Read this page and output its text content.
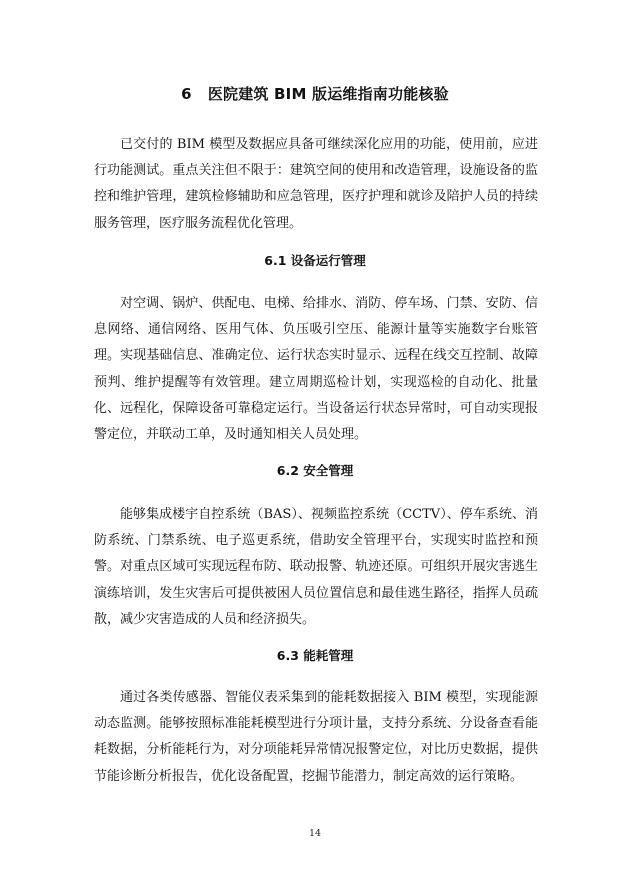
6 医院建筑 BIM 版运维指南功能核验

已交付的 BIM 模型及数据应具备可继续深化应用的功能，使用前，应进行功能测试。重点关注但不限于：建筑空间的使用和改造管理，设施设备的监控和维护管理，建筑检修辅助和应急管理，医疗护理和就诊及陪护人员的持续服务管理，医疗服务流程优化管理。

6.1 设备运行管理

对空调、锅炉、供配电、电梯、给排水、消防、停车场、门禁、安防、信息网络、通信网络、医用气体、负压吸引空压、能源计量等实施数字台账管理。实现基础信息、准确定位、运行状态实时显示、远程在线交互控制、故障预判、维护提醒等有效管理。建立周期巡检计划，实现巡检的自动化、批量化、远程化，保障设备可靠稳定运行。当设备运行状态异常时，可自动实现报警定位，并联动工单，及时通知相关人员处理。

6.2 安全管理

能够集成楼宇自控系统（BAS）、视频监控系统（CCTV）、停车系统、消防系统、门禁系统、电子巡更系统，借助安全管理平台，实现实时监控和预警。对重点区域可实现远程布防、联动报警、轨迹还原。可组织开展灾害逃生演练培训，发生灾害后可提供被困人员位置信息和最佳逃生路径，指挥人员疏散，减少灾害造成的人员和经济损失。

6.3 能耗管理

通过各类传感器、智能仪表采集到的能耗数据接入 BIM 模型，实现能源动态监测。能够按照标准能耗模型进行分项计量，支持分系统、分设备查看能耗数据，分析能耗行为，对分项能耗异常情况报警定位，对比历史数据，提供节能诊断分析报告，优化设备配置，挖掘节能潜力，制定高效的运行策略。

14
